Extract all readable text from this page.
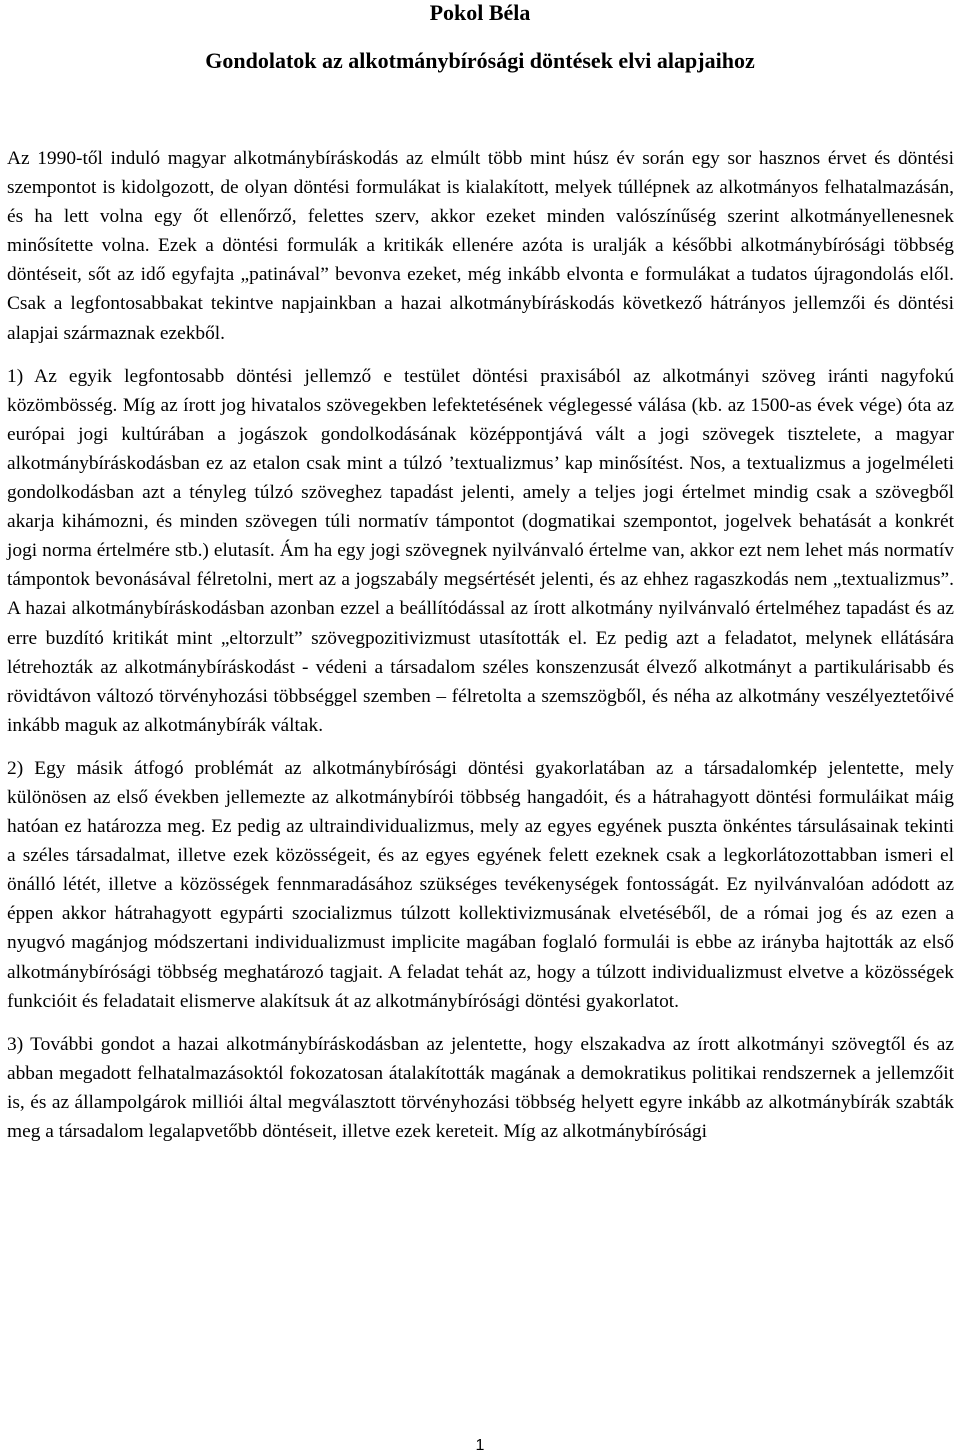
Pokol Béla
Gondolatok az alkotmánybírósági döntések elvi alapjaihoz

Az 1990-től induló magyar alkotmánybíráskodás az elmúlt több mint húsz év során egy sor hasznos érvet és döntési szempontot is kidolgozott, de olyan döntési formulákat is kialakított, melyek túllépnek az alkotmányos felhatalmazásán, és ha lett volna egy őt ellenőrző, felettes szerv, akkor ezeket minden valószínűség szerint alkotmányellenesnek minősítette volna. Ezek a döntési formulák a kritikák ellenére azóta is uralják a későbbi alkotmánybírósági többség döntéseit, sőt az idő egyfajta „patinával” bevonva ezeket, még inkább elvonta e formulákat a tudatos újragondolás elől. Csak a legfontosabbakat tekintve napjainkban a hazai alkotmánybíráskodás következő hátrányos jellemzői és döntési alapjai származnak ezekből.

1) Az egyik legfontosabb döntési jellemző e testület döntési praxisából az alkotmányi szöveg iránti nagyfokú közömbösség. Míg az írott jog hivatalos szövegekben lefektetésének véglegessé válása (kb. az 1500-as évek vége) óta az európai jogi kultúrában a jogászok gondolkodásának középpontjává vált a jogi szövegek tisztelete, a magyar alkotmánybíráskodásban ez az etalon csak mint a túlzó ’textualizmus’ kap minősítést. Nos, a textualizmus a jogelméleti gondolkodásban azt a tényleg túlzó szöveghez tapadást jelenti, amely a teljes jogi értelmet mindig csak a szövegből akarja kihámozni, és minden szövegen túli normatív támpontot (dogmatikai szempontot, jogelvek behatását a konkrét jogi norma értelmére stb.) elutasít. Ám ha egy jogi szövegnek nyilvánvaló értelme van, akkor ezt nem lehet más normatív támpontok bevonásával félretolni, mert az a jogszabály megsértését jelenti, és az ehhez ragaszkodás nem „textualizmus”. A hazai alkotmánybíráskodásban azonban ezzel a beállítódással az írott alkotmány nyilvánvaló értelméhez tapadást és az erre buzdító kritikát mint „eltorzult” szövegpozitivizmust utasították el. Ez pedig azt a feladatot, melynek ellátására létrehozták az alkotmánybíráskodást - védeni a társadalom széles konszenzusát élvező alkotmányt a partikulárisabb és rövidtávon változó törvényhozási többséggel szemben – félretolta a szemszögből, és néha az alkotmány veszélyeztetőivé inkább maguk az alkotmánybírák váltak.

2) Egy másik átfogó problémát az alkotmánybírósági döntési gyakorlatában az a társadalomkép jelentette, mely különösen az első években jellemezte az alkotmánybírói többség hangadóit, és a hátrahagyott döntési formuláikat máig hatóan ez határozza meg. Ez pedig az ultraindividualizmus, mely az egyes egyének puszta önkéntes társulásainak tekinti a széles társadalmat, illetve ezek közösségeit, és az egyes egyének felett ezeknek csak a legkorlátozottabban ismeri el önálló létét, illetve a közösségek fennmaradásához szükséges tevékenységek fontosságát. Ez nyilvánvalóan adódott az éppen akkor hátrahagyott egypárti szocializmus túlzott kollektivizmusának elvetéséből, de a római jog és az ezen a nyugvó magánjog módszertani individualizmust implicite magában foglaló formulái is ebbe az irányba hajtották az első alkotmánybírósági többség meghatározó tagjait. A feladat tehát az, hogy a túlzott individualizmust elvetve a közösségek funkcióit és feladatait elismerve alakítsuk át az alkotmánybírósági döntési gyakorlatot.

3) További gondot a hazai alkotmánybíráskodásban az jelentette, hogy elszakadva az írott alkotmányi szövegtől és az abban megadott felhatalmazásoktól fokozatosan átalakították magának a demokratikus politikai rendszernek a jellemzőit is, és az állampolgárok milliói által megválasztott törvényhozási többség helyett egyre inkább az alkotmánybírák szabták meg a társadalom legalapvetőbb döntéseit, illetve ezek kereteit. Míg az alkotmánybírósági

1
